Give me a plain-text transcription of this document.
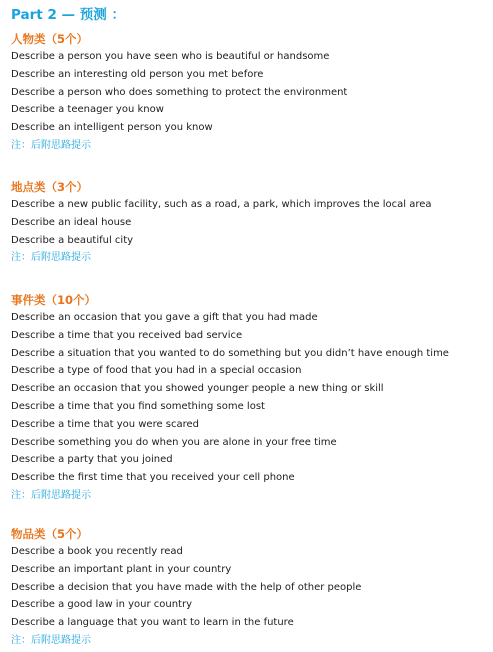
Part 2 — 预测 ：
人物类（5个）
Describe a person you have seen who is beautiful or handsome
Describe an interesting old person you met before
Describe a person who does something to protect the environment
Describe a teenager you know
Describe an intelligent person you know
注：后附思路提示
地点类（3个）
Describe a new public facility, such as a road, a park, which improves the local area
Describe an ideal house
Describe a beautiful city
注：后附思路提示
事件类（10个）
Describe an occasion that you gave a gift that you had made
Describe a time that you received bad service
Describe a situation that you wanted to do something but you didn’t have enough time
Describe a type of food that you had in a special occasion
Describe an occasion that you showed younger people a new thing or skill
Describe a time that you find something some lost
Describe a time that you were scared
Describe something you do when you are alone in your free time
Describe a party that you joined
Describe the first time that you received your cell phone
注：后附思路提示
物品类（5个）
Describe a book you recently read
Describe an important plant in your country
Describe a decision that you have made with the help of other people
Describe a good law in your country
Describe a language that you want to learn in the future
注：后附思路提示
